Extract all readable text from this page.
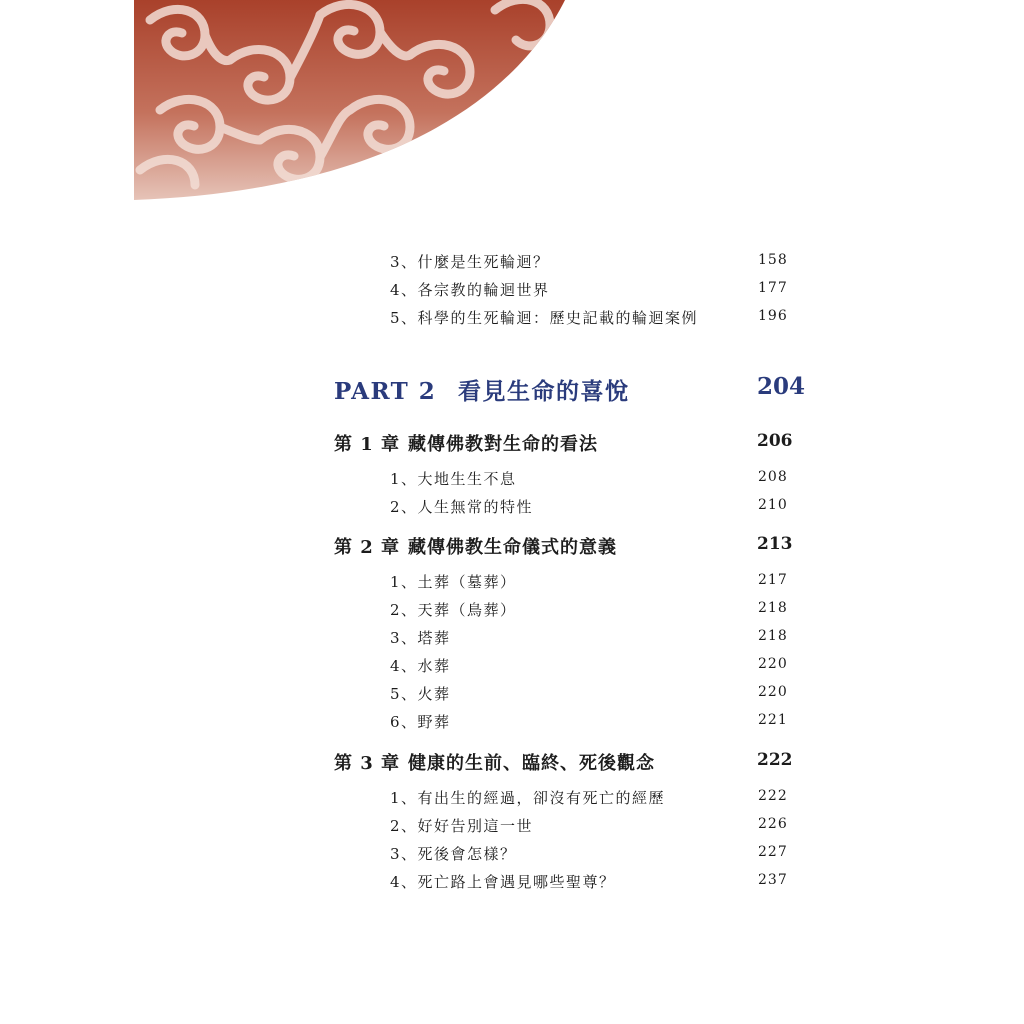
3、什麼是生死輪迴？	158
4、各宗教的輪迴世界	177
5、科學的生死輪迴：歷史記載的輪迴案例	196
PART 2 看見生命的喜悅	204
第 1 章 藏傳佛教對生命的看法	206
1、大地生生不息	208
2、人生無常的特性	210
第 2 章 藏傳佛教生命儀式的意義	213
1、土葬（墓葬）	217
2、天葬（鳥葬）	218
3、塔葬	218
4、水葬	220
5、火葬	220
6、野葬	221
第 3 章 健康的生前、臨終、死後觀念	222
1、有出生的經過，卻沒有死亡的經歷	222
2、好好告別這一世	226
3、死後會怎樣？	227
4、死亡路上會遇見哪些聖尊？	237
